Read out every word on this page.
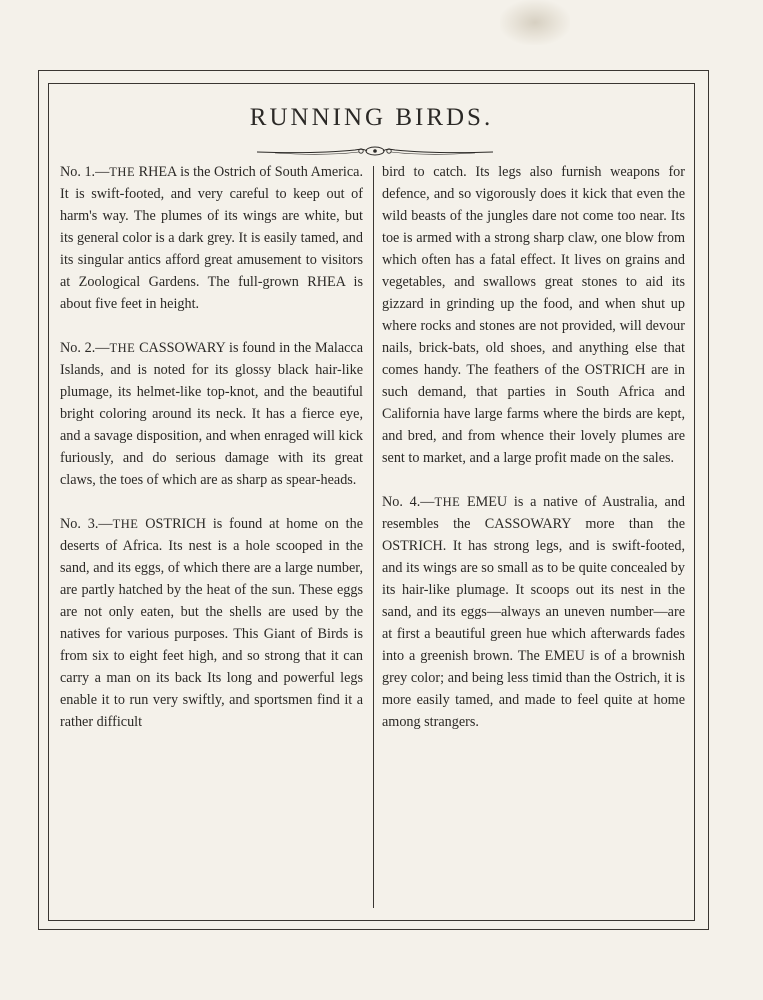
RUNNING BIRDS.

No. 1.—THE RHEA is the Ostrich of South America. It is swift-footed, and very careful to keep out of harm's way. The plumes of its wings are white, but its general color is a dark grey. It is easily tamed, and its singular antics afford great amusement to visitors at Zoological Gardens. The full-grown RHEA is about five feet in height.

No. 2.—THE CASSOWARY is found in the Malacca Islands, and is noted for its glossy black hair-like plumage, its helmet-like top-knot, and the beautiful bright coloring around its neck. It has a fierce eye, and a savage disposition, and when enraged will kick furiously, and do serious damage with its great claws, the toes of which are as sharp as spear-heads.

No. 3.—THE OSTRICH is found at home on the deserts of Africa. Its nest is a hole scooped in the sand, and its eggs, of which there are a large number, are partly hatched by the heat of the sun. These eggs are not only eaten, but the shells are used by the natives for various purposes. This Giant of Birds is from six to eight feet high, and so strong that it can carry a man on its back Its long and powerful legs enable it to run very swiftly, and sportsmen find it a rather difficult

bird to catch. Its legs also furnish weapons for defence, and so vigorously does it kick that even the wild beasts of the jungles dare not come too near. Its toe is armed with a strong sharp claw, one blow from which often has a fatal effect. It lives on grains and vegetables, and swallows great stones to aid its gizzard in grinding up the food, and when shut up where rocks and stones are not provided, will devour nails, brick-bats, old shoes, and anything else that comes handy. The feathers of the OSTRICH are in such demand, that parties in South Africa and California have large farms where the birds are kept, and bred, and from whence their lovely plumes are sent to market, and a large profit made on the sales.

No. 4.—THE EMEU is a native of Australia, and resembles the CASSOWARY more than the OSTRICH. It has strong legs, and is swift-footed, and its wings are so small as to be quite concealed by its hair-like plumage. It scoops out its nest in the sand, and its eggs—always an uneven number—are at first a beautiful green hue which afterwards fades into a greenish brown. The EMEU is of a brownish grey color; and being less timid than the Ostrich, it is more easily tamed, and made to feel quite at home among strangers.
